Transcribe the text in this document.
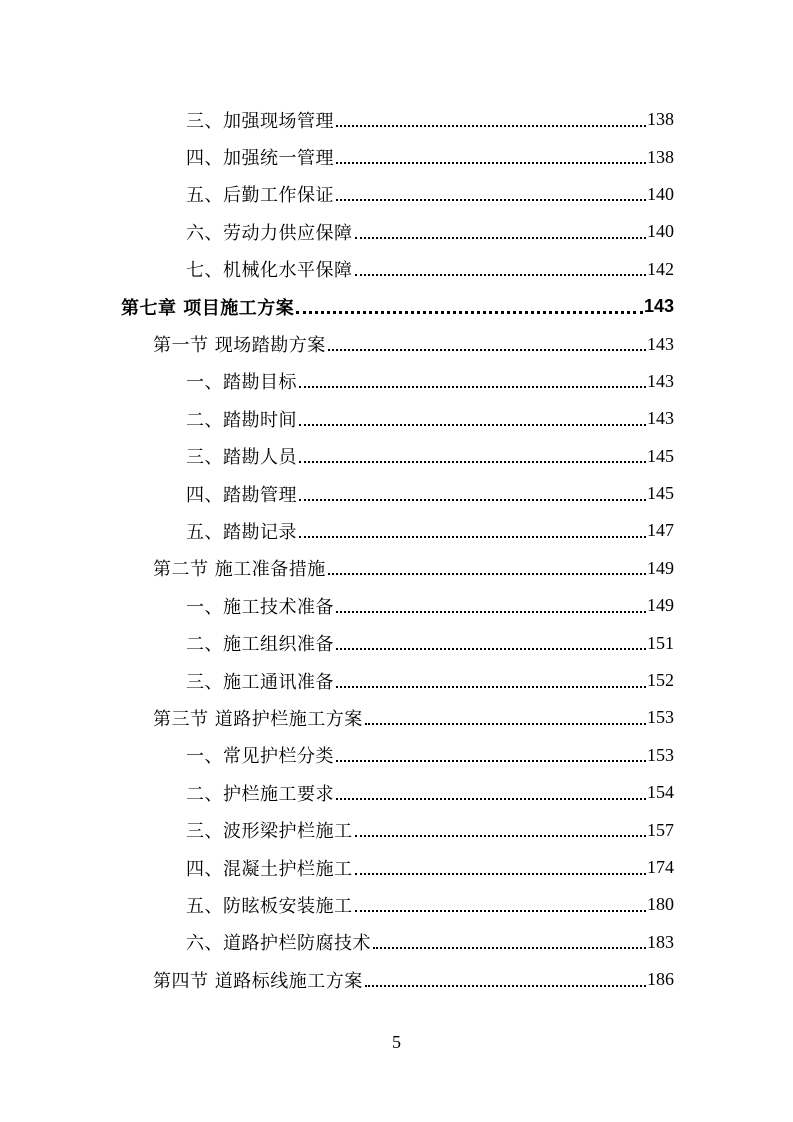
三、加强现场管理	138
四、加强统一管理	138
五、后勤工作保证	140
六、劳动力供应保障	140
七、机械化水平保障	142
第七章 项目施工方案	143
第一节 现场踏勘方案	143
一、踏勘目标	143
二、踏勘时间	143
三、踏勘人员	145
四、踏勘管理	145
五、踏勘记录	147
第二节 施工准备措施	149
一、施工技术准备	149
二、施工组织准备	151
三、施工通讯准备	152
第三节 道路护栏施工方案	153
一、常见护栏分类	153
二、护栏施工要求	154
三、波形梁护栏施工	157
四、混凝土护栏施工	174
五、防眩板安装施工	180
六、道路护栏防腐技术	183
第四节 道路标线施工方案	186
5
